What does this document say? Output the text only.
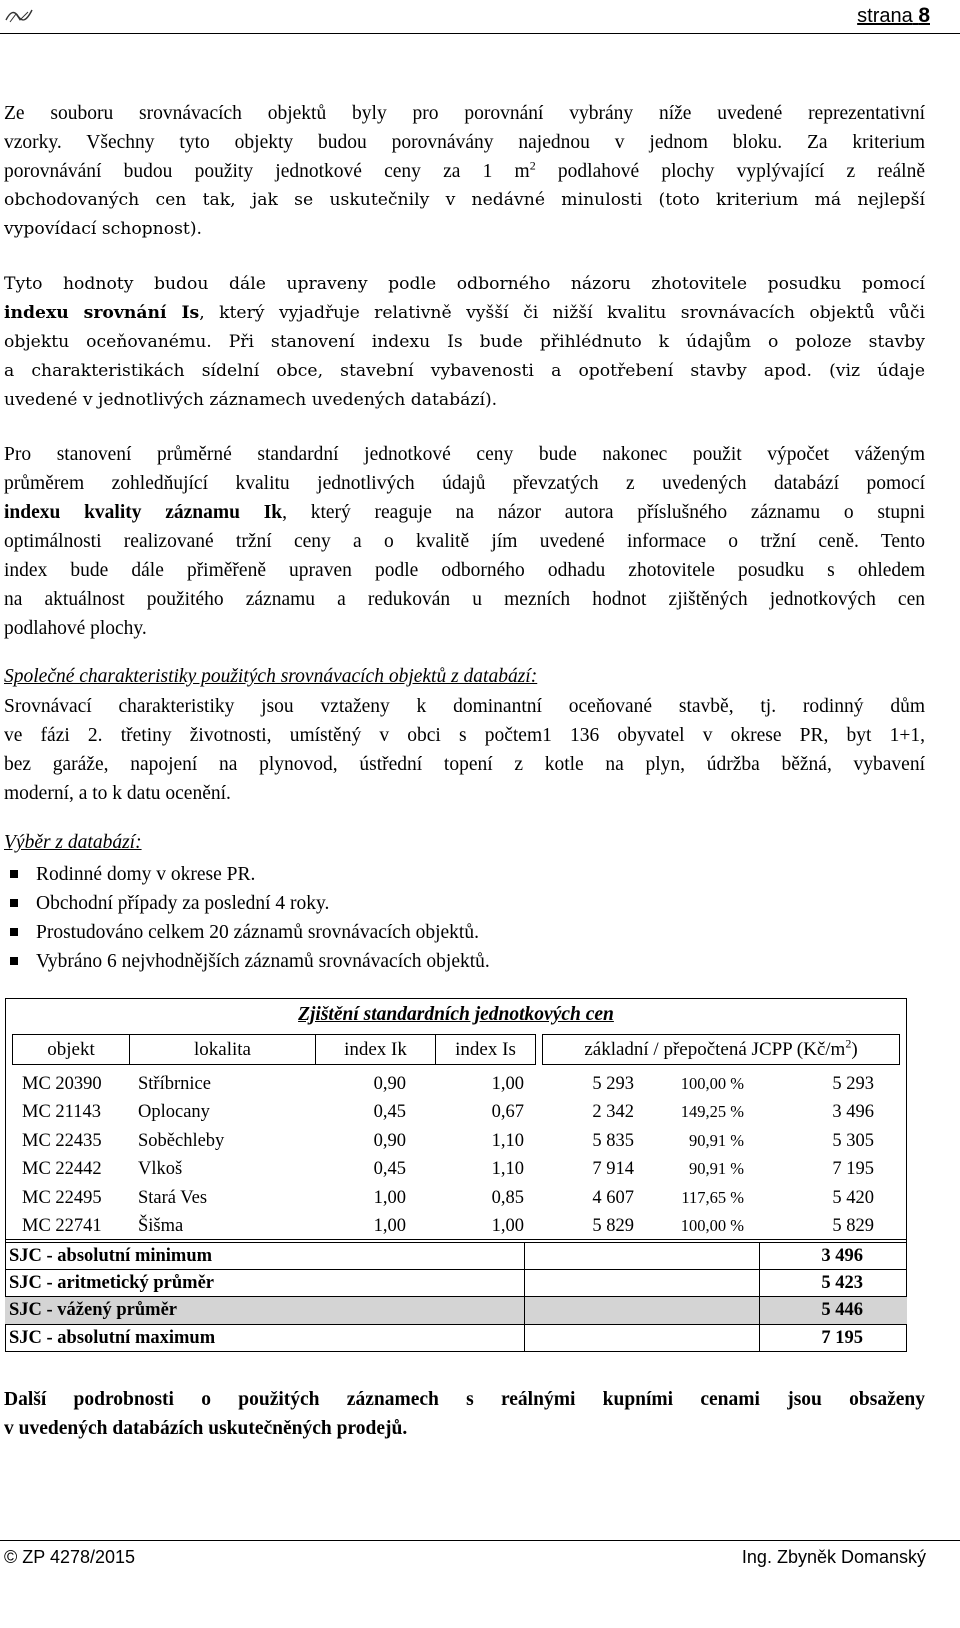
strana 8
Ze souboru srovnávacích objektů byly pro porovnání vybrány níže uvedené reprezentativní
vzorky. Všechny tyto objekty budou porovnávány najednou v jednom bloku. Za kriterium
porovnávání budou použity jednotkové ceny za 1 $m^2$ podlahové plochy vyplývající z reálně
obchodovaných cen tak, jak se uskutečnily v nedávné minulosti (toto kriterium má nejlepší
vypovídací schopnost).
Tyto hodnoty budou dále upraveny podle odborného názoru zhotovitele posudku pomocí
indexu srovnání Is, který vyjadřuje relativně vyšší či nižší kvalitu srovnávacích objektů vůči
objektu oceňovanému. Při stanovení indexu Is bude přihlédnuto k údajům o poloze stavby
a charakteristikách sídelní obce, stavební vybavenosti a opotřebení stavby apod. (viz údaje
uvedené v jednotlivých záznamech uvedených databází).
Pro stanovení průměrné standardní jednotkové ceny bude nakonec použit výpočet váženým
průměrem zohledňující kvalitu jednotlivých údajů převzatých z uvedených databází pomocí
indexu kvality záznamu Ik, který reaguje na názor autora příslušného záznamu o stupni
optimálnosti realizované tržní ceny a o kvalitě jím uvedené informace o tržní ceně. Tento
index bude dále přiměřeně upraven podle odborného odhadu zhotovitele posudku s ohledem
na aktuálnost použitého záznamu a redukován u mezních hodnot zjištěných jednotkových cen
podlahové plochy.
Společné charakteristiky použitých srovnávacích objektů z databází:
Srovnávací charakteristiky jsou vztaženy k dominantní oceňované stavbě, tj. rodinný dům
ve fázi 2. třetiny životnosti, umístěný v obci s počtem1 136 obyvatel v okrese PR, byt 1+1,
bez garáže, napojení na plynovod, ústřední topení z kotle na plyn, údržba běžná, vybavení
moderní, a to k datu ocenění.
Výběr z databází:
Rodinné domy v okrese PR.
Obchodní případy za poslední 4 roky.
Prostudováno celkem 20 záznamů srovnávacích objektů.
Vybráno 6 nejvhodnějších záznamů srovnávacích objektů.
Zjištění standardních jednotkových cen
objekt	lokalita	index Ik	index Is	základní / přepočtená JCPP $(Kč/m^2)$
MC 20390	Stříbrnice	0,90	1,00	5 293	100,00 %	5 293
MC 21143	Oplocany	0,45	0,67	2 342	149,25 %	3 496
MC 22435	Soběchleby	0,90	1,10	5 835	90,91 %	5 305
MC 22442	Vlkoš	0,45	1,10	7 914	90,91 %	7 195
MC 22495	Stará Ves	1,00	0,85	4 607	117,65 %	5 420
MC 22741	Šišma	1,00	1,00	5 829	100,00 %	5 829
SJC - absolutní minimum	3 496
SJC - aritmetický průměr	5 423
SJC - vážený průměr	5 446
SJC - absolutní maximum	7 195
Další podrobnosti o použitých záznamech s reálnými kupními cenami jsou obsaženy
v uvedených databázích uskutečněných prodejů.
© ZP 4278/2015	Ing. Zbyněk Domanský
